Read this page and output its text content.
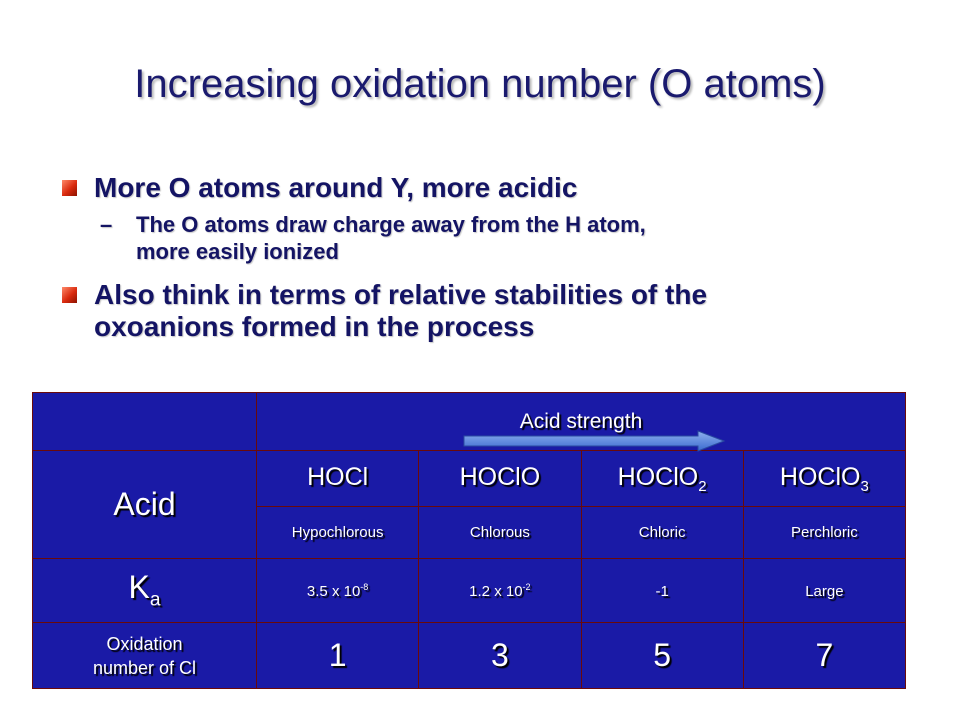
Increasing oxidation number (O atoms)
More O atoms around Y, more acidic
– The O atoms draw charge away from the H atom,
more easily ionized
Also think in terms of relative stabilities of the
oxoanions formed in the process
	Acid strength			
Acid	HOCl	HOClO	HOClO$_2$	HOClO$_3$
	Hypochlorous	Chlorous	Chloric	Perchloric
$K_a$	3.5 x $10^{-8}$	1.2 x $10^{-2}$	-1	Large
Oxidation
number of Cl	1	3	5	7
